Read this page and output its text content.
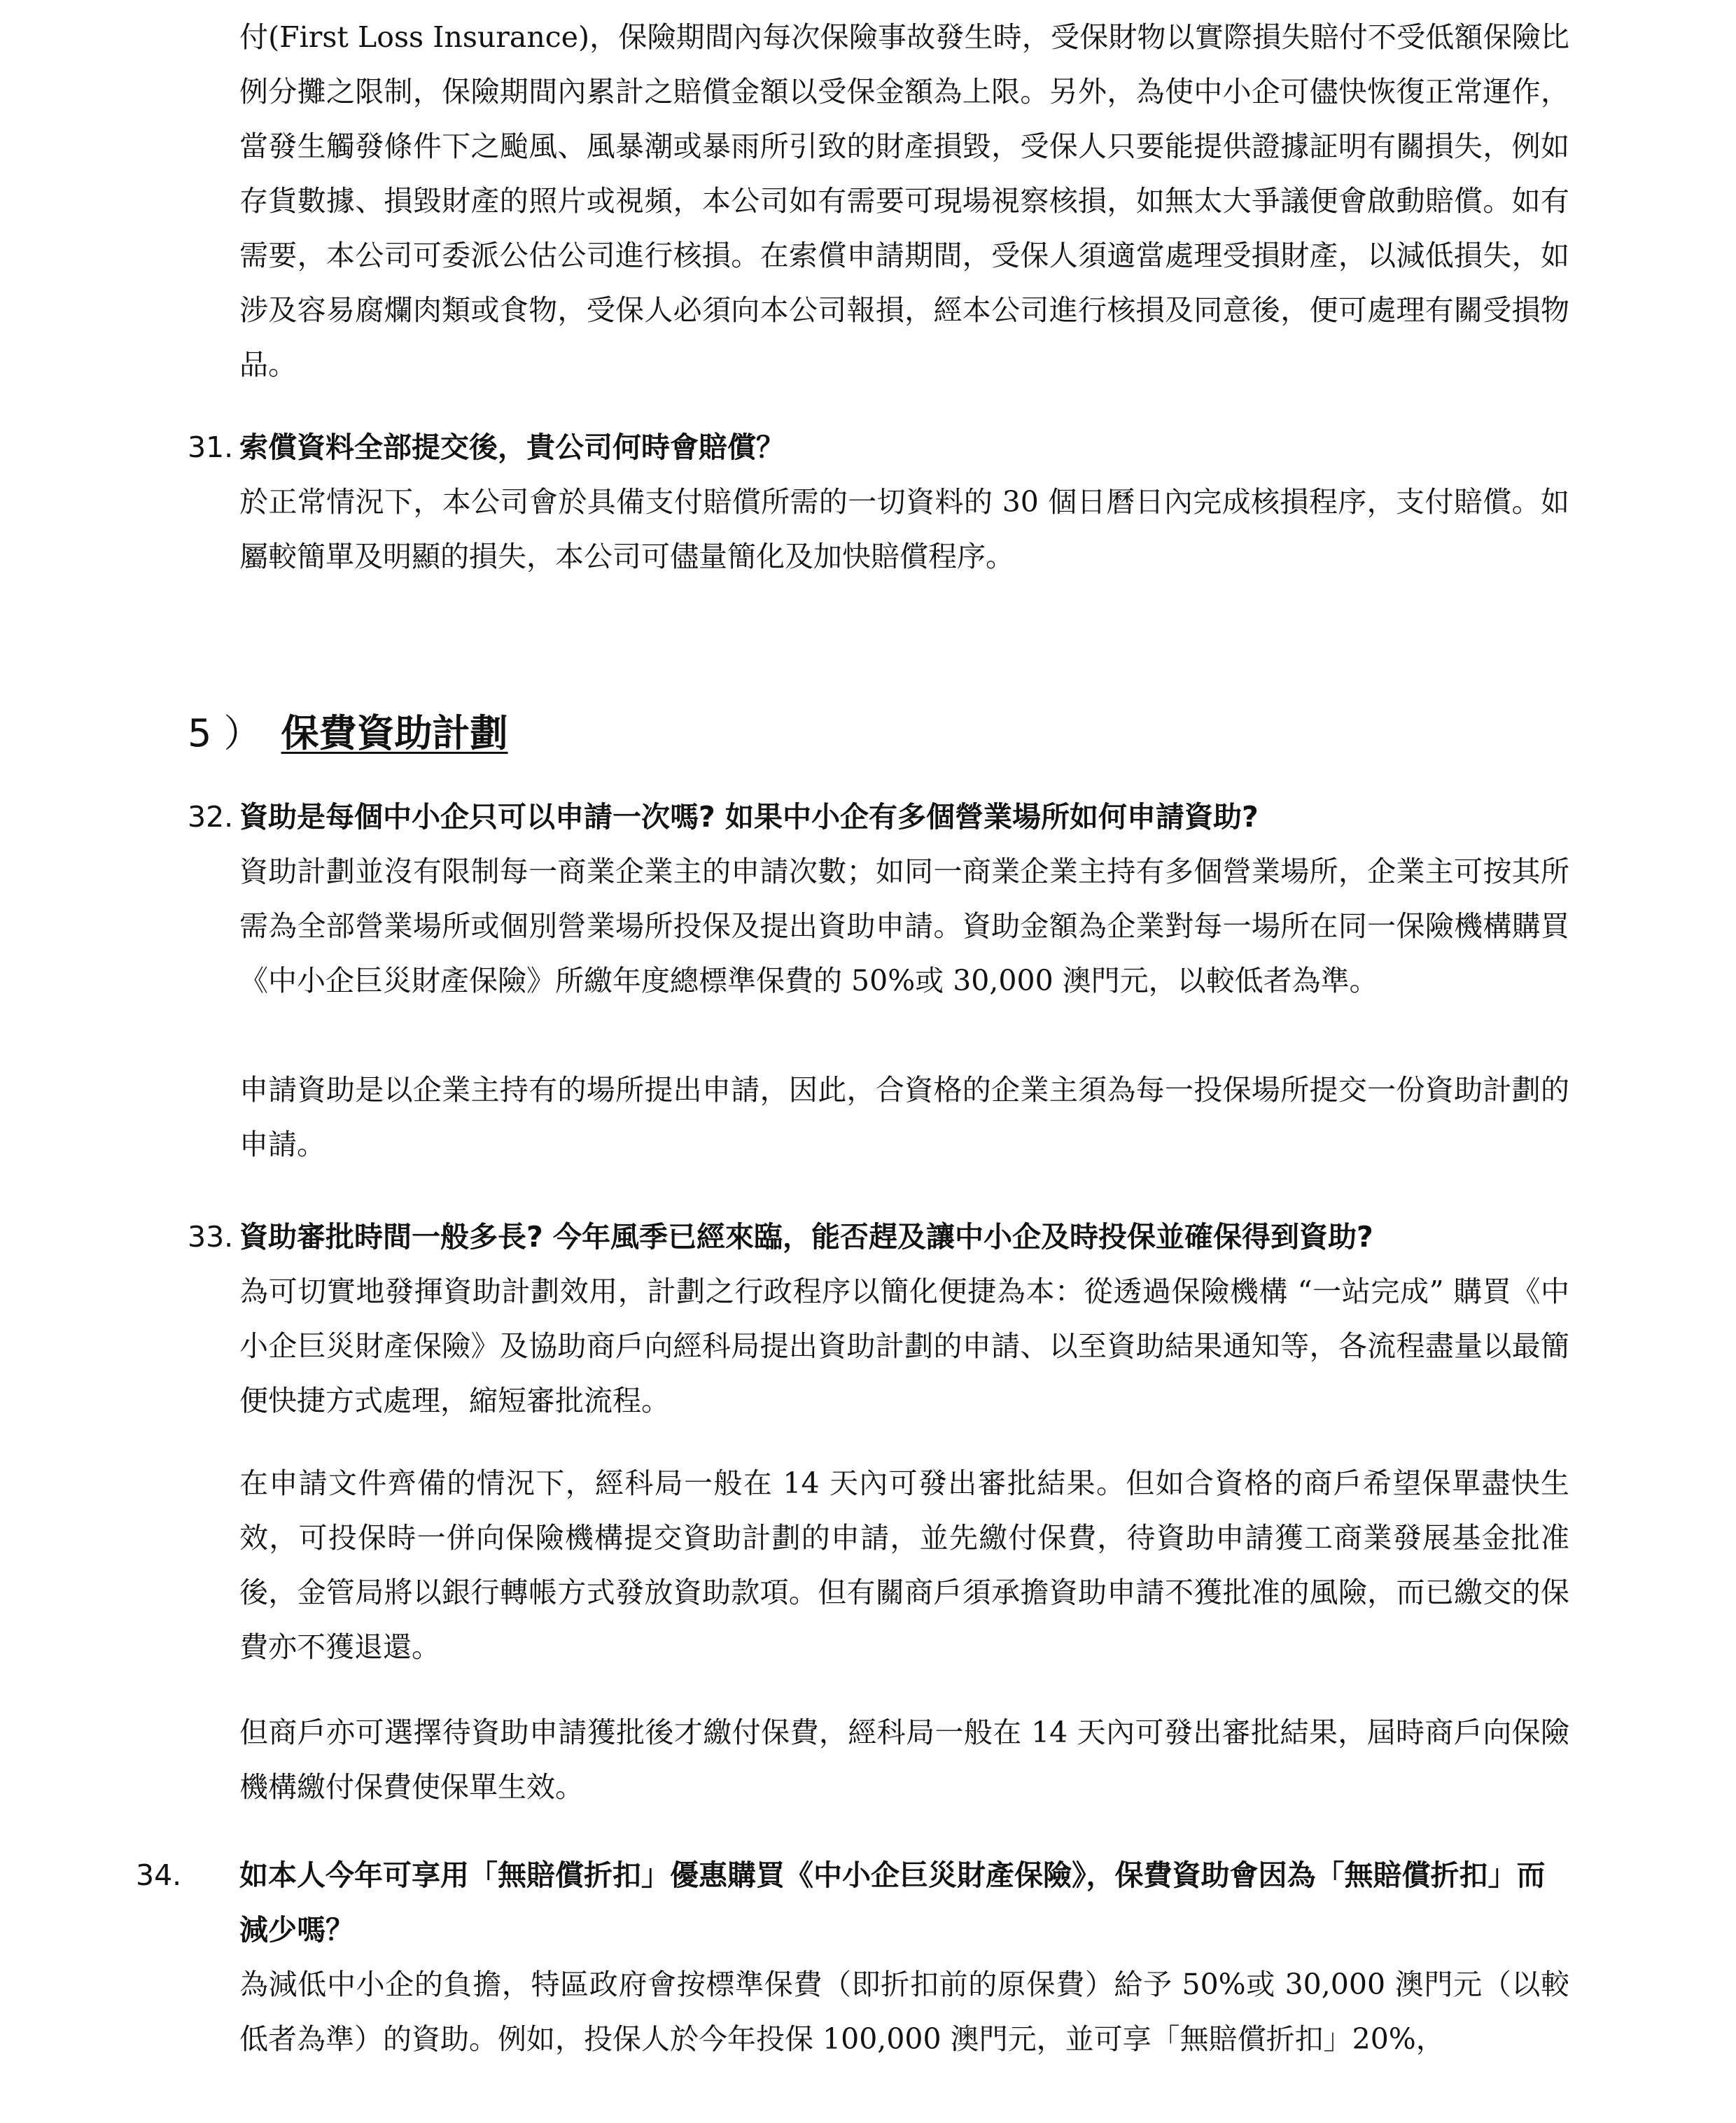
付(First Loss Insurance)，保險期間內每次保險事故發生時，受保財物以實際損失賠付不受低額保險比例分攤之限制，保險期間內累計之賠償金額以受保金額為上限。另外，為使中小企可儘快恢復正常運作，當發生觸發條件下之颱風、風暴潮或暴雨所引致的財產損毀，受保人只要能提供證據証明有關損失，例如存貨數據、損毀財產的照片或視頻，本公司如有需要可現場視察核損，如無太大爭議便會啟動賠償。如有需要，本公司可委派公估公司進行核損。在索償申請期間，受保人須適當處理受損財產，以減低損失，如涉及容易腐爛肉類或食物，受保人必須向本公司報損，經本公司進行核損及同意後，便可處理有關受損物品。

31. 索償資料全部提交後，貴公司何時會賠償？

於正常情況下，本公司會於具備支付賠償所需的一切資料的 30 個日曆日內完成核損程序，支付賠償。如屬較簡單及明顯的損失，本公司可儘量簡化及加快賠償程序。

5 ） 保費資助計劃

32. 資助是每個中小企只可以申請一次嗎? 如果中小企有多個營業場所如何申請資助?

資助計劃並沒有限制每一商業企業主的申請次數；如同一商業企業主持有多個營業場所，企業主可按其所需為全部營業場所或個別營業場所投保及提出資助申請。資助金額為企業對每一場所在同一保險機構購買《中小企巨災財產保險》所繳年度總標準保費的 50%或 30,000 澳門元，以較低者為準。

申請資助是以企業主持有的場所提出申請，因此，合資格的企業主須為每一投保場所提交一份資助計劃的申請。

33. 資助審批時間一般多長? 今年風季已經來臨，能否趕及讓中小企及時投保並確保得到資助?

為可切實地發揮資助計劃效用，計劃之行政程序以簡化便捷為本：從透過保險機構 “一站完成” 購買《中小企巨災財產保險》及協助商戶向經科局提出資助計劃的申請、以至資助結果通知等，各流程盡量以最簡便快捷方式處理，縮短審批流程。

在申請文件齊備的情況下，經科局一般在 14 天內可發出審批結果。但如合資格的商戶希望保單盡快生效，可投保時一併向保險機構提交資助計劃的申請，並先繳付保費，待資助申請獲工商業發展基金批准後，金管局將以銀行轉帳方式發放資助款項。但有關商戶須承擔資助申請不獲批准的風險，而已繳交的保費亦不獲退還。

但商戶亦可選擇待資助申請獲批後才繳付保費，經科局一般在 14 天內可發出審批結果，屆時商戶向保險機構繳付保費使保單生效。

34. 如本人今年可享用「無賠償折扣」優惠購買《中小企巨災財產保險》，保費資助會因為「無賠償折扣」而減少嗎？

為減低中小企的負擔，特區政府會按標準保費（即折扣前的原保費）給予 50%或 30,000 澳門元（以較低者為準）的資助。例如，投保人於今年投保 100,000 澳門元，並可享「無賠償折扣」20%，
